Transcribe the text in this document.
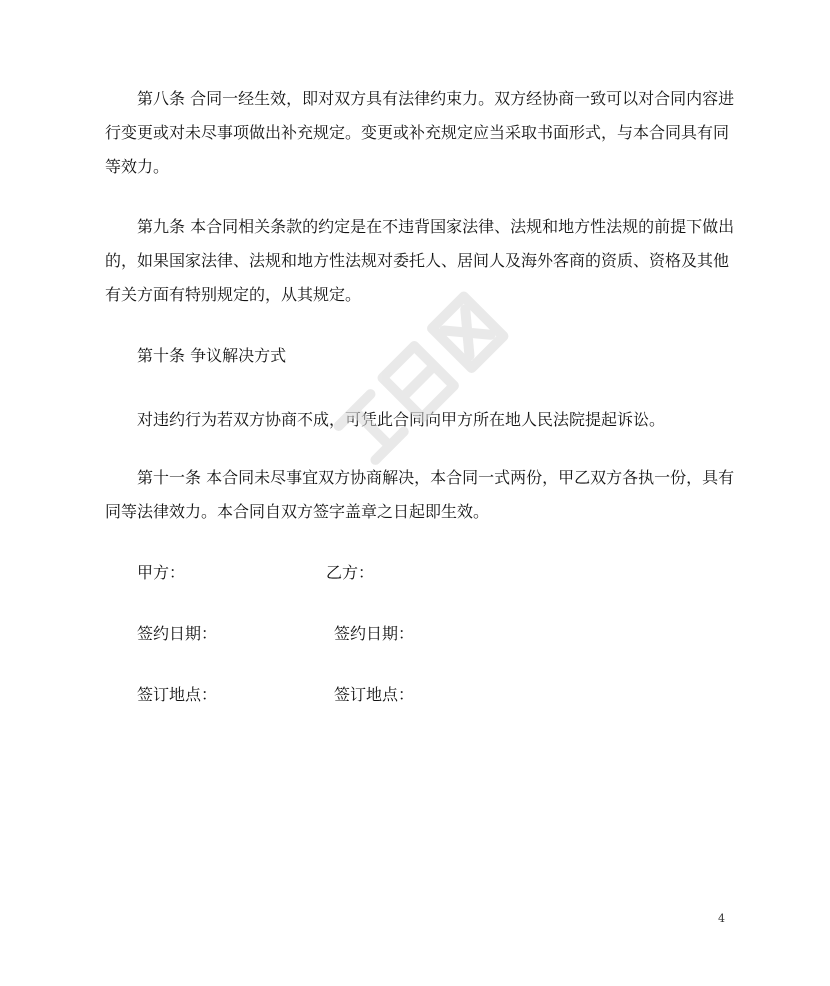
第八条 合同一经生效，即对双方具有法律约束力。双方经协商一致可以对合同内容进
行变更或对未尽事项做出补充规定。变更或补充规定应当采取书面形式，与本合同具有同
等效力。
第九条 本合同相关条款的约定是在不违背国家法律、法规和地方性法规的前提下做出
的，如果国家法律、法规和地方性法规对委托人、居间人及海外客商的资质、资格及其他
有关方面有特别规定的，从其规定。
第十条 争议解决方式
对违约行为若双方协商不成，可凭此合同向甲方所在地人民法院提起诉讼。
第十一条 本合同未尽事宜双方协商解决，本合同一式两份，甲乙双方各执一份，具有
同等法律效力。本合同自双方签字盖章之日起即生效。
甲方：	乙方：
签约日期：	签约日期：
签订地点：	签订地点：
4
